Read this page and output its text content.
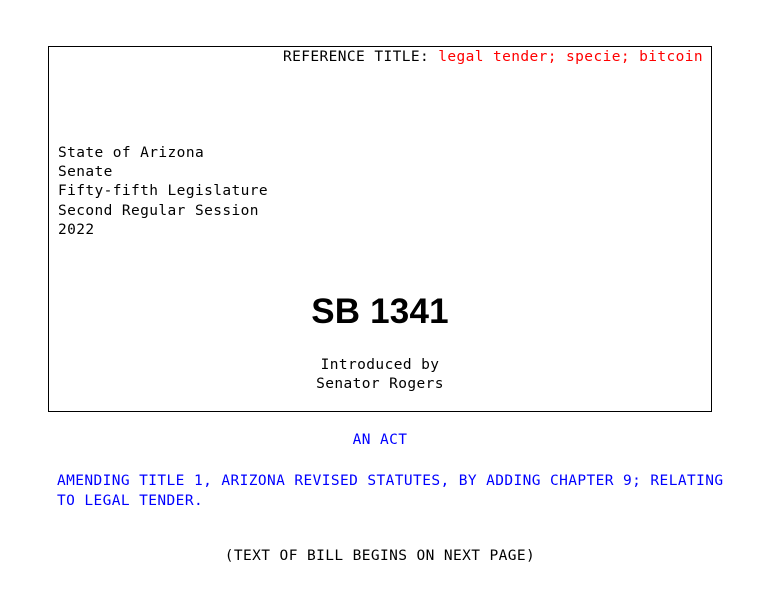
REFERENCE TITLE: legal tender; specie; bitcoin
State of Arizona
Senate
Fifty-fifth Legislature
Second Regular Session
2022
SB 1341
Introduced by
Senator Rogers
AN ACT
AMENDING TITLE 1, ARIZONA REVISED STATUTES, BY ADDING CHAPTER 9; RELATING
TO LEGAL TENDER.
(TEXT OF BILL BEGINS ON NEXT PAGE)
